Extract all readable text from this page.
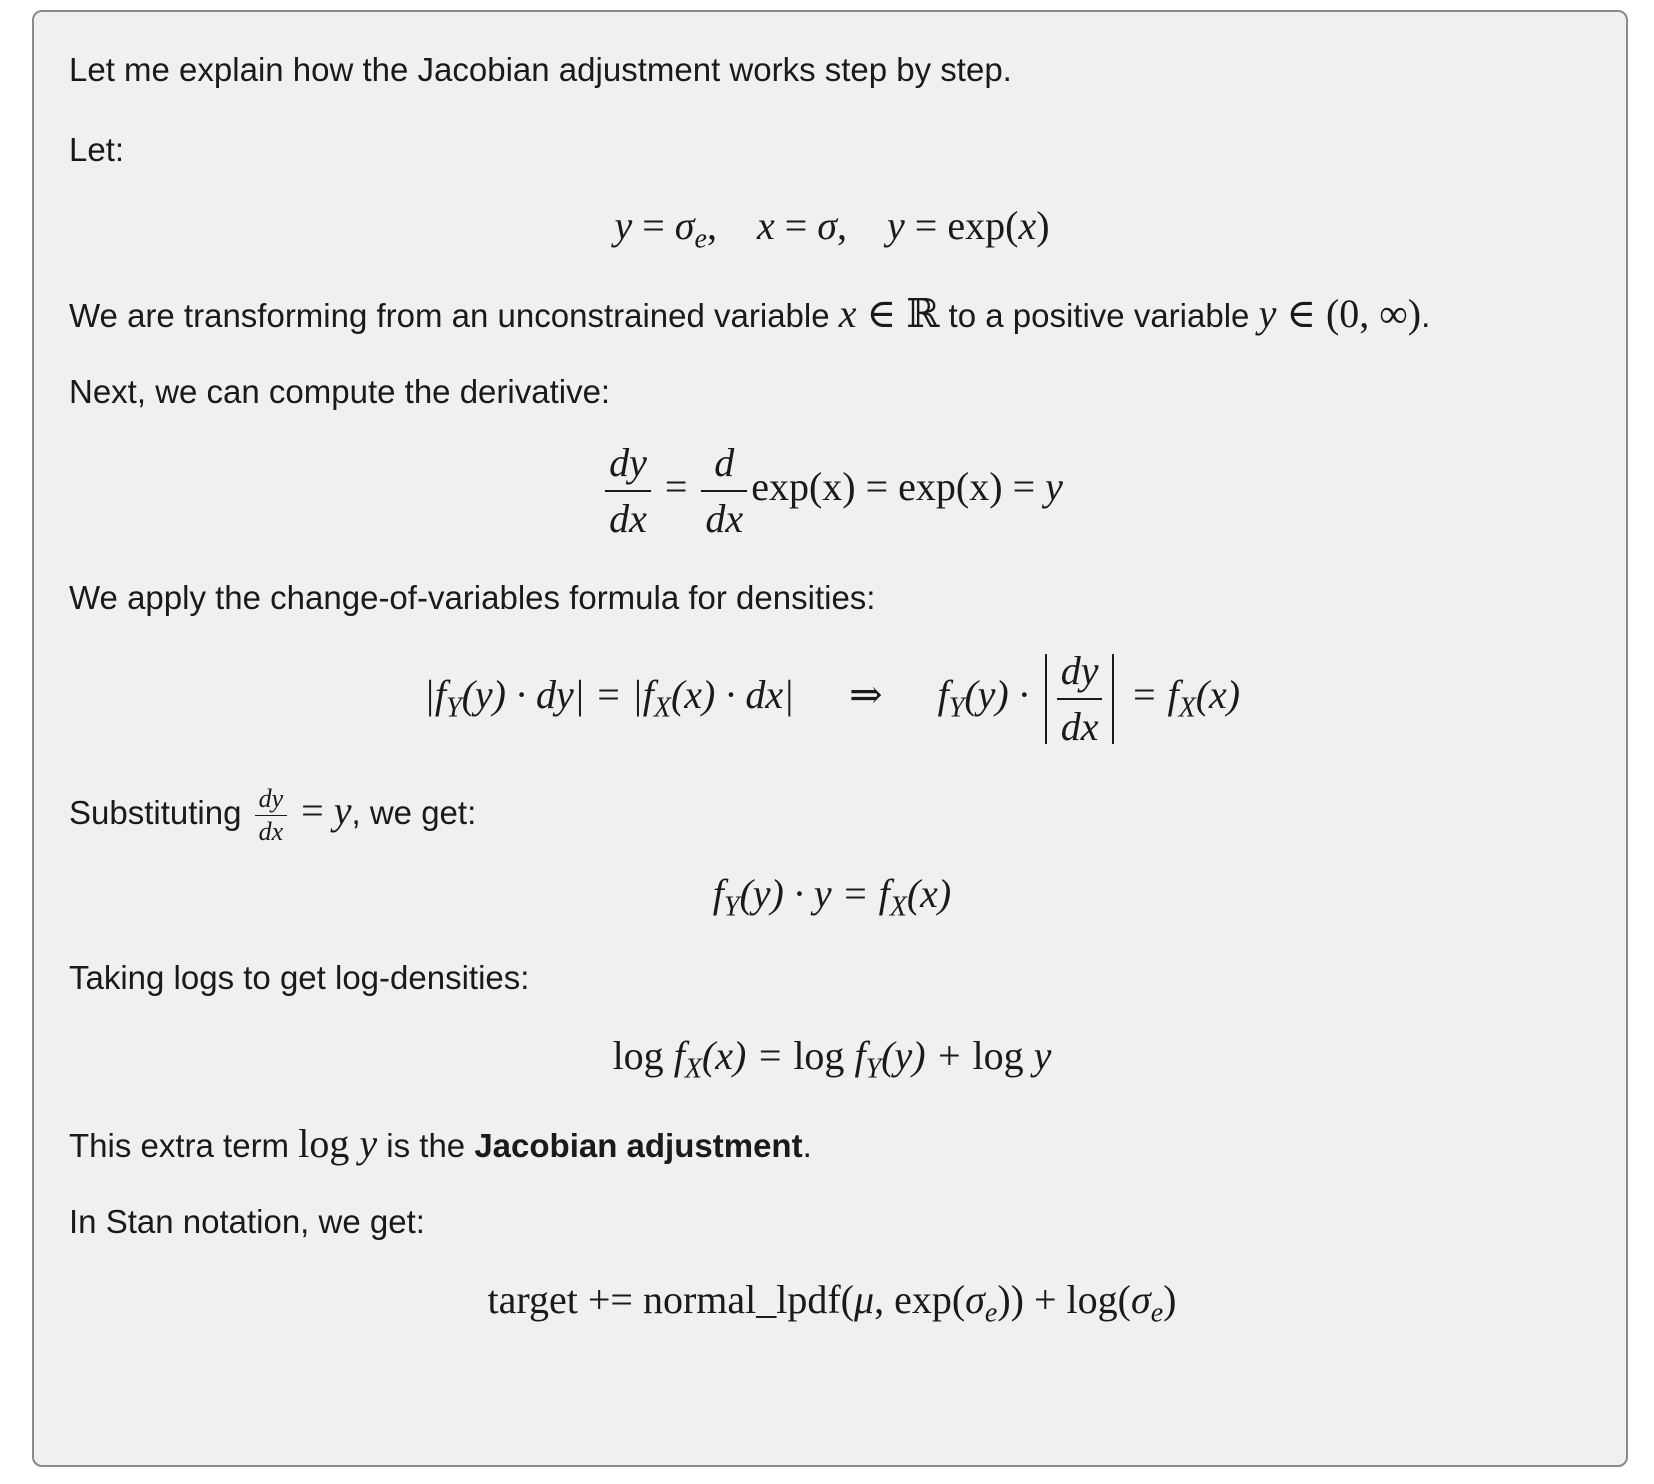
Let me explain how the Jacobian adjustment works step by step.
Let:
$y = \sigma_e$, x = σ, y = exp(x)
We are transforming from an unconstrained variable x ∈ ℝ to a positive variable y ∈ (0, ∞).
Next, we can compute the derivative:
$\frac{dy}{dx} = \frac{d}{dx} \exp(x) = \exp(x) = y$
We apply the change-of-variables formula for densities:
$|f_Y(y) \cdot dy| = |f_X(x) \cdot dx|$ ⇒ $f_Y(y) \cdot \frac{dy}{dx} = f_X(x)$
Substituting $\frac{dy}{dx} = y$, we get:
$f_Y(y) \cdot y = f_X(x)$
Taking logs to get log-densities:
$\log f_X(x) = \log f_Y(y) + \log y$
This extra term log y is the Jacobian adjustment.
In Stan notation, we get:
target += normal_lpdf(μ, $\exp(\sigma_e)) + \log(\sigma_e)$
